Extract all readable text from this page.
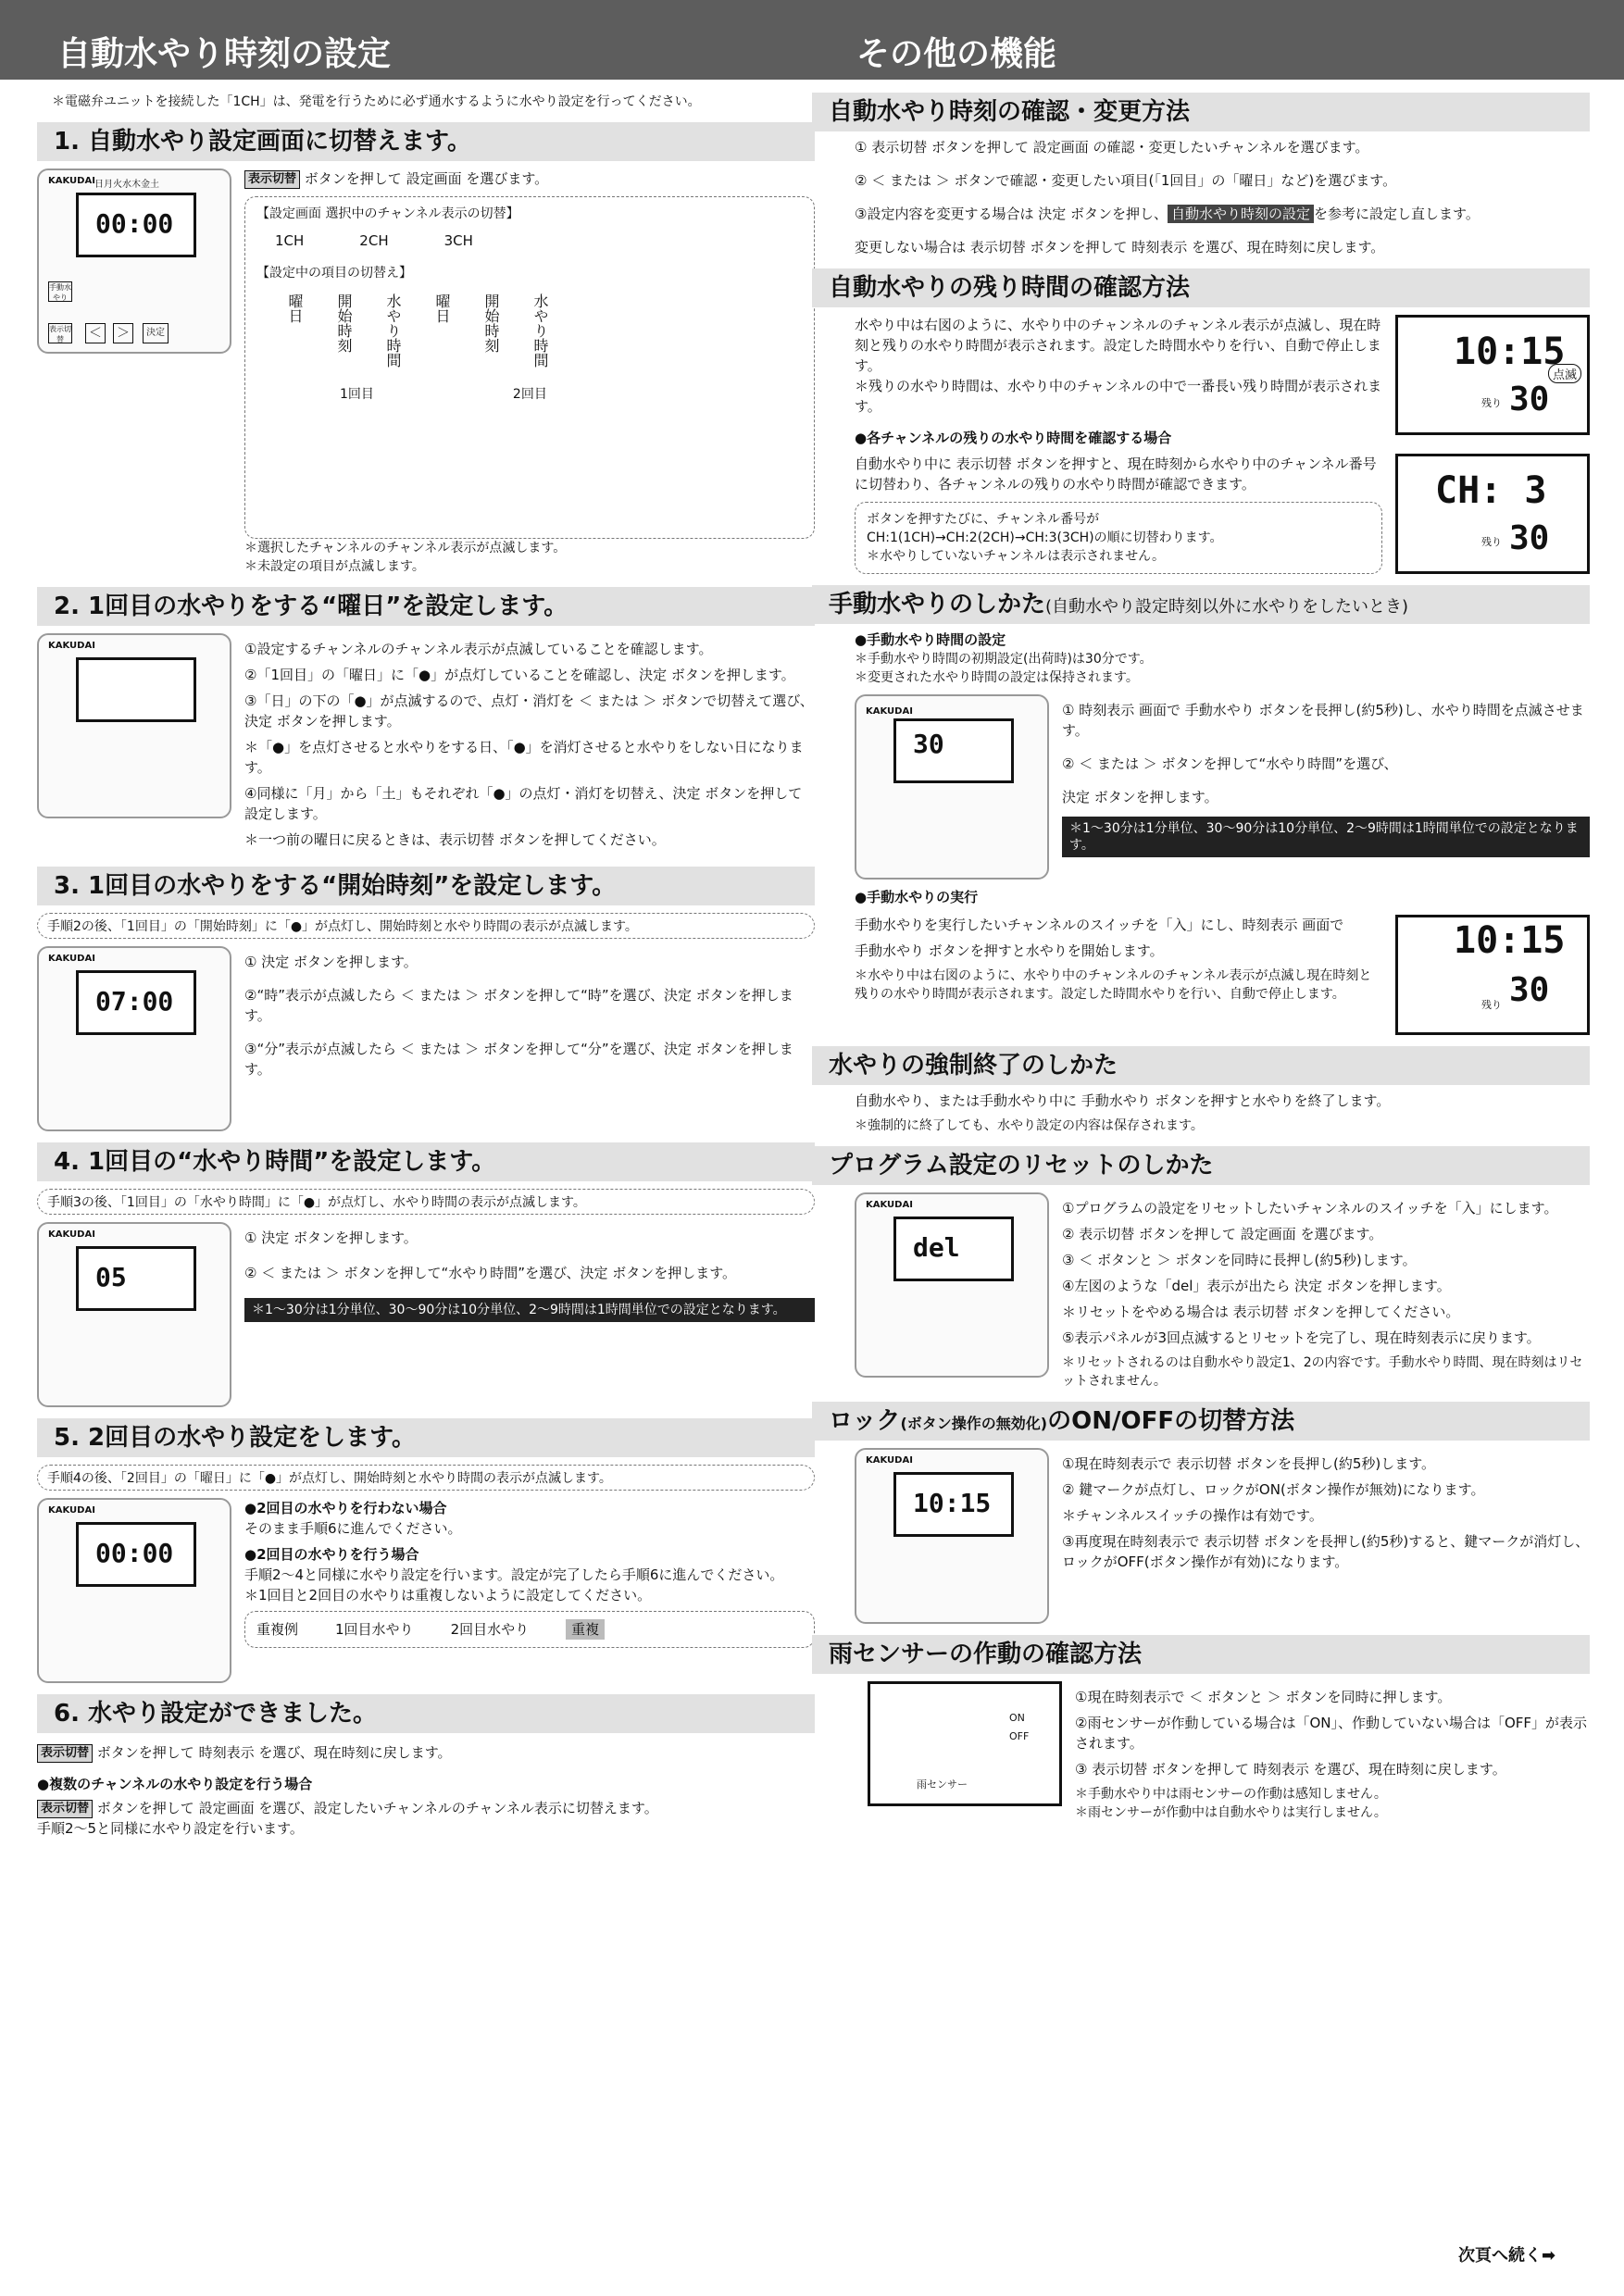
自動水やり時刻の設定	その他の機能
＊電磁弁ユニットを接続した「1CH」は、発電を行うために必ず通水するように水やり設定を行ってください。
1. 自動水やり設定画面に切替えます。
KAKUDAI 日月火水木金土
00:00
手動水やり
表示切替	＜ ＞	決定
表示切替 ボタンを押して 設定画面 を選びます。
【設定画面 選択中のチャンネル表示の切替】
1CH	2CH	3CH
【設定中の項目の切替え】
曜日 開始時刻 水やり時間 曜日 開始時刻 水やり時間
1回目	2回目
＊選択したチャンネルのチャンネル表示が点滅します。
＊未設定の項目が点滅します。
2. 1回目の水やりをする“曜日”を設定します。
KAKUDAI	①設定するチャンネルのチャンネル表示が点滅していることを確認します。
②「1回目」の「曜日」に「●」が点灯していることを確認し、決定 ボタンを押します。
③「日」の下の「●」が点滅するので、点灯・消灯を ＜ または ＞ ボタンで切替えて選び、決定 ボタンを押します。
＊「●」を点灯させると水やりをする日、「●」を消灯させると水やりをしない日になります。
④同様に「月」から「土」もそれぞれ「●」の点灯・消灯を切替え、決定 ボタンを押して設定します。
＊一つ前の曜日に戻るときは、表示切替 ボタンを押してください。
3. 1回目の水やりをする“開始時刻”を設定します。
手順2の後、「1回目」の「開始時刻」に「●」が点灯し、開始時刻と水やり時間の表示が点滅します。
KAKUDAI
07:00
① 決定 ボタンを押します。
②“時”表示が点滅したら ＜ または ＞ ボタンを押して“時”を選び、決定 ボタンを押します。
③“分”表示が点滅したら ＜ または ＞ ボタンを押して“分”を選び、決定 ボタンを押します。
4. 1回目の“水やり時間”を設定します。
手順3の後、「1回目」の「水やり時間」に「●」が点灯し、水やり時間の表示が点滅します。
KAKUDAI
05
① 決定 ボタンを押します。
② ＜ または ＞ ボタンを押して“水やり時間”を選び、決定 ボタンを押します。
＊1〜30分は1分単位、30〜90分は10分単位、2〜9時間は1時間単位での設定となります。
5. 2回目の水やり設定をします。
手順4の後、「2回目」の「曜日」に「●」が点灯し、開始時刻と水やり時間の表示が点滅します。
KAKUDAI
00:00
●2回目の水やりを行わない場合
そのまま手順6に進んでください。
●2回目の水やりを行う場合
手順2〜4と同様に水やり設定を行います。設定が完了したら手順6に進んでください。
＊1回目と2回目の水やりは重複しないように設定してください。
重複例	1回目水やり	2回目水やり	重複
6. 水やり設定ができました。
表示切替 ボタンを押して 時刻表示 を選び、現在時刻に戻します。
●複数のチャンネルの水やり設定を行う場合
表示切替 ボタンを押して 設定画面 を選び、設定したいチャンネルのチャンネル表示に切替えます。
手順2〜5と同様に水やり設定を行います。
自動水やり時刻の確認・変更方法
① 表示切替 ボタンを押して 設定画面 の確認・変更したいチャンネルを選びます。
② ＜ または ＞ ボタンで確認・変更したい項目(「1回目」の「曜日」など)を選びます。
③設定内容を変更する場合は 決定 ボタンを押し、 自動水やり時刻の設定 を参考に設定し直します。
変更しない場合は 表示切替 ボタンを押して 時刻表示 を選び、現在時刻に戻します。
自動水やりの残り時間の確認方法
水やり中は右図のように、水やり中のチャンネルのチャンネル表示が点滅し、現在時刻と残りの水やり時間が表示されます。設定した時間水やりを行い、自動で停止します。
＊残りの水やり時間は、水やり中のチャンネルの中で一番長い残り時間が表示されます。
●各チャンネルの残りの水やり時間を確認する場合
自動水やり中に 表示切替 ボタンを押すと、現在時刻から水やり中のチャンネル番号に切替わり、各チャンネルの残りの水やり時間が確認できます。
ボタンを押すたびに、チャンネル番号が
CH:1(1CH)→CH:2(2CH)→CH:3(3CH)の順に切替わります。
＊水やりしていないチャンネルは表示されません。
10:15
残り 30
点滅
CH: 3
残り 30
手動水やりのしかた(自動水やり設定時刻以外に水やりをしたいとき)
●手動水やり時間の設定
＊手動水やり時間の初期設定(出荷時)は30分です。
＊変更された水やり時間の設定は保持されます。
KAKUDAI
30
① 時刻表示 画面で 手動水やり ボタンを長押し(約5秒)し、水やり時間を点滅させます。
② ＜ または ＞ ボタンを押して“水やり時間”を選び、
決定 ボタンを押します。
＊1〜30分は1分単位、30〜90分は10分単位、2〜9時間は1時間単位での設定となります。
●手動水やりの実行
手動水やりを実行したいチャンネルのスイッチを「入」にし、時刻表示 画面で
手動水やり ボタンを押すと水やりを開始します。
＊水やり中は右図のように、水やり中のチャンネルのチャンネル表示が点滅し現在時刻と残りの水やり時間が表示されます。設定した時間水やりを行い、自動で停止します。
10:15
残り 30
水やりの強制終了のしかた
自動水やり、または手動水やり中に 手動水やり ボタンを押すと水やりを終了します。
＊強制的に終了しても、水やり設定の内容は保存されます。
プログラム設定のリセットのしかた
KAKUDAI
del
①プログラムの設定をリセットしたいチャンネルのスイッチを「入」にします。
② 表示切替 ボタンを押して 設定画面 を選びます。
③ ＜ ボタンと ＞ ボタンを同時に長押し(約5秒)します。
④左図のような「del」表示が出たら 決定 ボタンを押します。
＊リセットをやめる場合は 表示切替 ボタンを押してください。
⑤表示パネルが3回点滅するとリセットを完了し、現在時刻表示に戻ります。
＊リセットされるのは自動水やり設定1、2の内容です。手動水やり時間、現在時刻はリセットされません。
ロック(ボタン操作の無効化)のON/OFFの切替方法
KAKUDAI
10:15
①現在時刻表示で 表示切替 ボタンを長押し(約5秒)します。
② 鍵マークが点灯し、ロックがON(ボタン操作が無効)になります。
＊チャンネルスイッチの操作は有効です。
③再度現在時刻表示で 表示切替 ボタンを長押し(約5秒)すると、鍵マークが消灯し、ロックがOFF(ボタン操作が有効)になります。
雨センサーの作動の確認方法
ON
OFF
雨センサー
①現在時刻表示で ＜ ボタンと ＞ ボタンを同時に押します。
②雨センサーが作動している場合は「ON」、作動していない場合は「OFF」が表示されます。
③ 表示切替 ボタンを押して 時刻表示 を選び、現在時刻に戻します。
＊手動水やり中は雨センサーの作動は感知しません。
＊雨センサーが作動中は自動水やりは実行しません。
次頁へ続く➡
